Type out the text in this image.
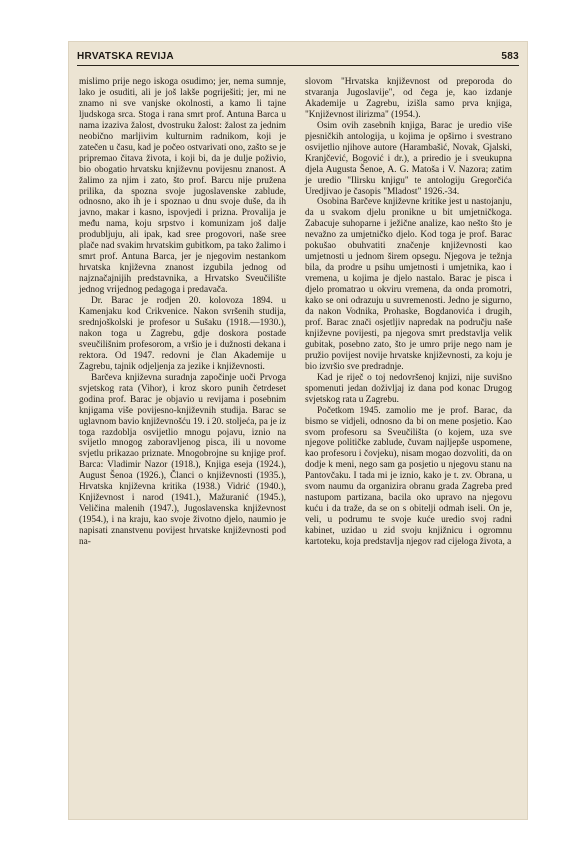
HRVATSKA REVIJA	583

mislimo prije nego iskoga osudimo; jer, nema sumnje, lako je osuditi, ali je još lakše pogriješiti; jer, mi ne znamo ni sve vanjske okolnosti, a kamo li tajne ljudskoga srca. Stoga i rana smrt prof. Antuna Barca u nama izaziva žalost, dvostruku žalost: žalost za jednim neobično marljivim kulturnim radnikom, koji je zatečen u času, kad je počeo ostvarivati ono, zašto se je pripremao čitava života, i koji bi, da je dulje poživio, bio obogatio hrvatsku književnu povijesnu znanost. A žalimo za njim i zato, što prof. Barcu nije pružena prilika, da spozna svoje jugoslavenske zablude, odnosno, ako ih je i spoznao u dnu svoje duše, da ih javno, makar i kasno, ispovjedi i prizna. Provalija je među nama, koju srpstvo i komunizam još dalje produbljuju, ali ipak, kad sree progovori, naše sree plače nad svakim hrvatskim gubitkom, pa tako žalimo i smrt prof. Antuna Barca, jer je njegovim nestankom hrvatska književna znanost izgubila jednog od najznačajnijih predstavnika, a Hrvatsko Sveučilište jednog vrijednog pedagoga i predavača.

Dr. Barac je rodjen 20. kolovoza 1894. u Kamenjaku kod Crikvenice. Nakon svršenih studija, srednjoškolski je profesor u Sušaku (1918.—1930.), nakon toga u Zagrebu, gdje doskora postade sveučilišnim profesorom, a vršio je i dužnosti dekana i rektora. Od 1947. redovni je član Akademije u Zagrebu, tajnik odjeljenja za jezike i književnosti.

Barčeva književna suradnja započinje uoči Prvoga svjetskog rata (Vihor), i kroz skoro punih četrdeset godina prof. Barac je objavio u revijama i posebnim knjigama više povijesno-književnih studija. Barac se uglavnom bavio književnošću 19. i 20. stoljeća, pa je iz toga razdoblja osvijetlio mnogu pojavu, iznio na svijetlo mnogog zaboravljenog pisca, ili u novome svjetlu prikazao priznate. Mnogobrojne su knjige prof. Barca: Vladimir Nazor (1918.), Knjiga eseja (1924.), August Šenoa (1926.), Članci o književnosti (1935.), Hrvatska književna kritika (1938.) Vidrić (1940.), Književnost i narod (1941.), Mažuranić (1945.), Veličina malenih (1947.), Jugoslavenska književnost (1954.), i na kraju, kao svoje životno djelo, naumio je napisati znanstvenu povijest hrvatske književnosti pod na-

slovom "Hrvatska književnost od preporoda do stvaranja Jugoslavije", od čega je, kao izdanje Akademije u Zagrebu, izišla samo prva knjiga, "Književnost ilirizma" (1954.).

Osim ovih zasebnih knjiga, Barac je uredio više pjesničkih antologija, u kojima je opširno i svestrano osvijetlio njihove autore (Harambašić, Novak, Gjalski, Kranjčević, Bogović i dr.), a priredio je i sveukupna djela Augusta Šenoe, A. G. Matoša i V. Nazora; zatim je uredio "Ilirsku knjigu" te antologiju Gregorčića Uredjivao je časopis "Mladost" 1926.-34.

Osobina Barčeve književne kritike jest u nastojanju, da u svakom djelu pronikne u bit umjetničkoga. Zabacuje suhoparne i ježične analize, kao nešto što je nevažno za umjetničko djelo. Kod toga je prof. Barac pokušao obuhvatiti značenje književnosti kao umjetnosti u jednom širem opsegu. Njegova je težnja bila, da prodre u psihu umjetnosti i umjetnika, kao i vremena, u kojima je djelo nastalo. Barac je pisca i djelo promatrao u okviru vremena, da onda promotri, kako se oni odrazuju u suvremenosti. Jedno je sigurno, da nakon Vodnika, Prohaske, Bogdanovića i drugih, prof. Barac znači osjetljiv napredak na području naše književne povijesti, pa njegova smrt predstavlja velik gubitak, posebno zato, što je umro prije nego nam je pružio povijest novije hrvatske književnosti, za koju je bio izvršio sve predradnje.

Kad je riječ o toj nedovršenoj knjizi, nije suvišno spomenuti jedan doživljaj iz dana pod konac Drugog svjetskog rata u Zagrebu.

Početkom 1945. zamolio me je prof. Barac, da bismo se vidjeli, odnosno da bi on mene posjetio. Kao svom profesoru sa Sveučilišta (o kojem, uza sve njegove političke zablude, čuvam najljepše uspomene, kao profesoru i čovjeku), nisam mogao dozvoliti, da on dodje k meni, nego sam ga posjetio u njegovu stanu na Pantovčaku. I tada mi je iznio, kako je t. zv. Obrana, u svom naumu da organizira obranu grada Zagreba pred nastupom partizana, bacila oko upravo na njegovu kuću i da traže, da se on s obitelji odmah iseli. On je, veli, u podrumu te svoje kuće uredio svoj radni kabinet, uzidao u zid svoju knjižnicu i ogromnu kartoteku, koja predstavlja njegov rad cijeloga života, a
